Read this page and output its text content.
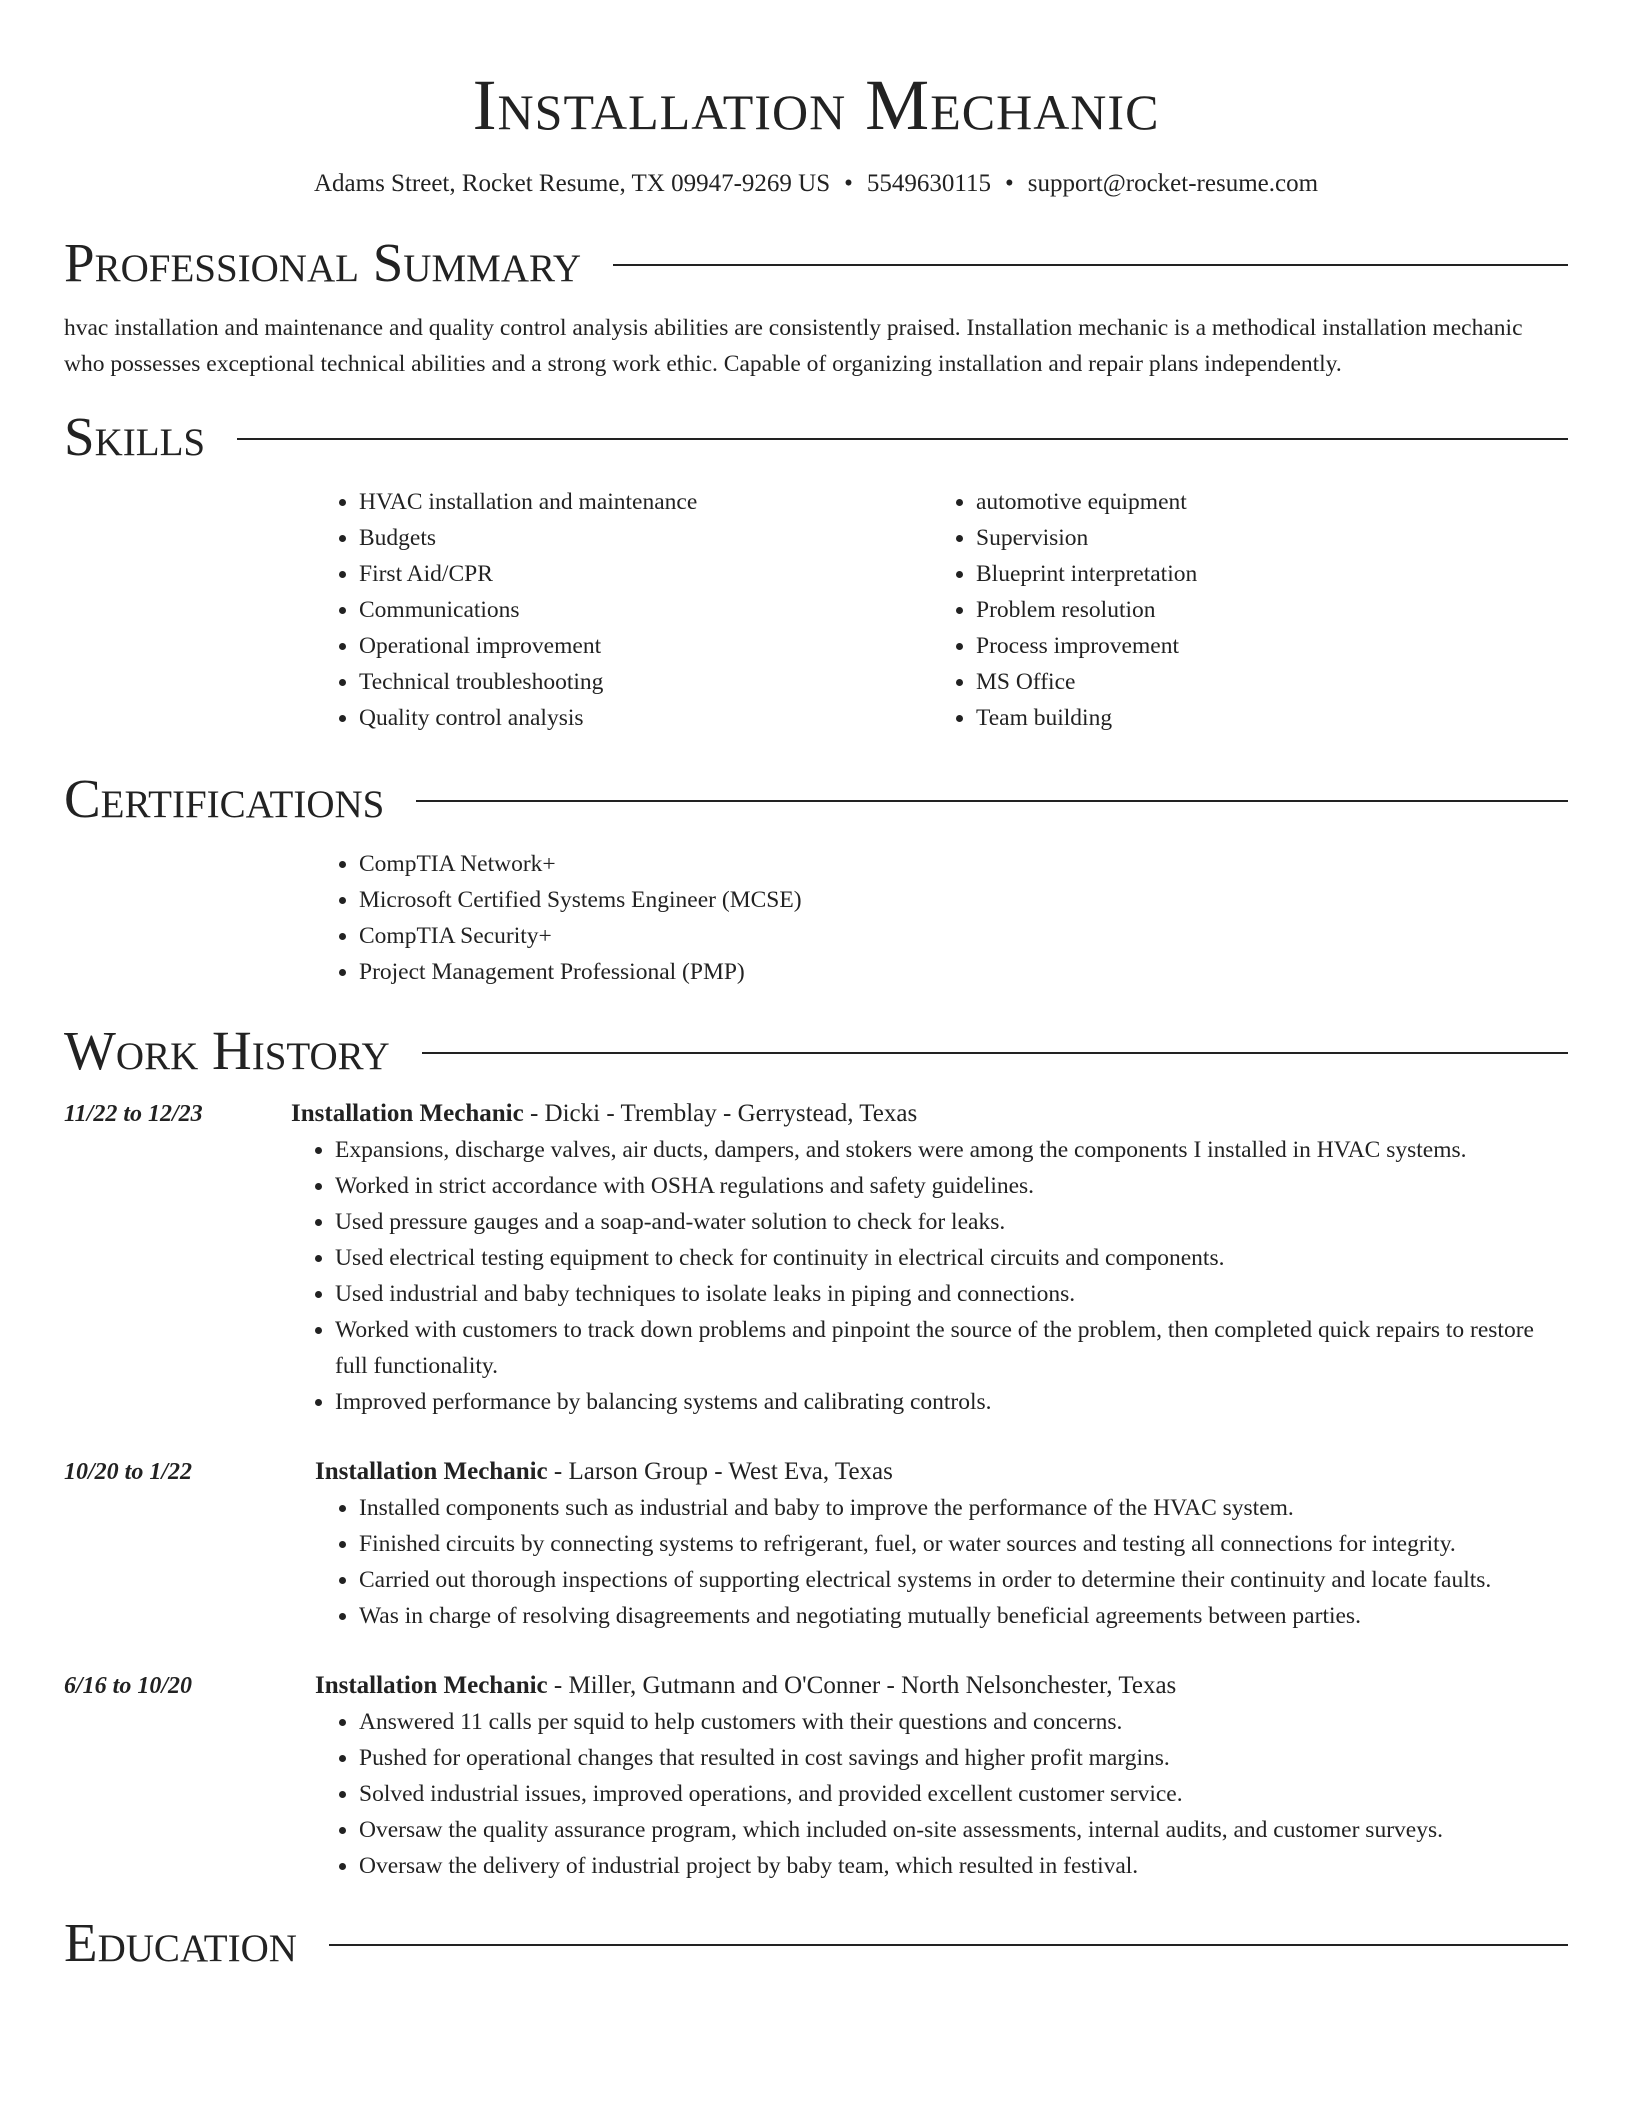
Installation Mechanic
Adams Street, Rocket Resume, TX 09947-9269 US • 5549630115 • support@rocket-resume.com
Professional Summary

hvac installation and maintenance and quality control analysis abilities are consistently praised. Installation mechanic is a methodical installation mechanic who possesses exceptional technical abilities and a strong work ethic. Capable of organizing installation and repair plans independently.

Skills
• HVAC installation and maintenance
• Budgets
• First Aid/CPR
• Communications
• Operational improvement
• Technical troubleshooting
• Quality control analysis
• automotive equipment
• Supervision
• Blueprint interpretation
• Problem resolution
• Process improvement
• MS Office
• Team building
Certifications
• CompTIA Network+
• Microsoft Certified Systems Engineer (MCSE)
• CompTIA Security+
• Project Management Professional (PMP)
Work History
11/22 to 12/23	Installation Mechanic - Dicki - Tremblay - Gerrystead, Texas
• Expansions, discharge valves, air ducts, dampers, and stokers were among the components I installed in HVAC systems.
• Worked in strict accordance with OSHA regulations and safety guidelines.
• Used pressure gauges and a soap-and-water solution to check for leaks.
• Used electrical testing equipment to check for continuity in electrical circuits and components.
• Used industrial and baby techniques to isolate leaks in piping and connections.
• Worked with customers to track down problems and pinpoint the source of the problem, then completed quick repairs to restore full functionality.
• Improved performance by balancing systems and calibrating controls.
10/20 to 1/22	Installation Mechanic - Larson Group - West Eva, Texas
• Installed components such as industrial and baby to improve the performance of the HVAC system.
• Finished circuits by connecting systems to refrigerant, fuel, or water sources and testing all connections for integrity.
• Carried out thorough inspections of supporting electrical systems in order to determine their continuity and locate faults.
• Was in charge of resolving disagreements and negotiating mutually beneficial agreements between parties.
6/16 to 10/20	Installation Mechanic - Miller, Gutmann and O'Conner - North Nelsonchester, Texas
• Answered 11 calls per squid to help customers with their questions and concerns.
• Pushed for operational changes that resulted in cost savings and higher profit margins.
• Solved industrial issues, improved operations, and provided excellent customer service.
• Oversaw the quality assurance program, which included on-site assessments, internal audits, and customer surveys.
• Oversaw the delivery of industrial project by baby team, which resulted in festival.
Education
